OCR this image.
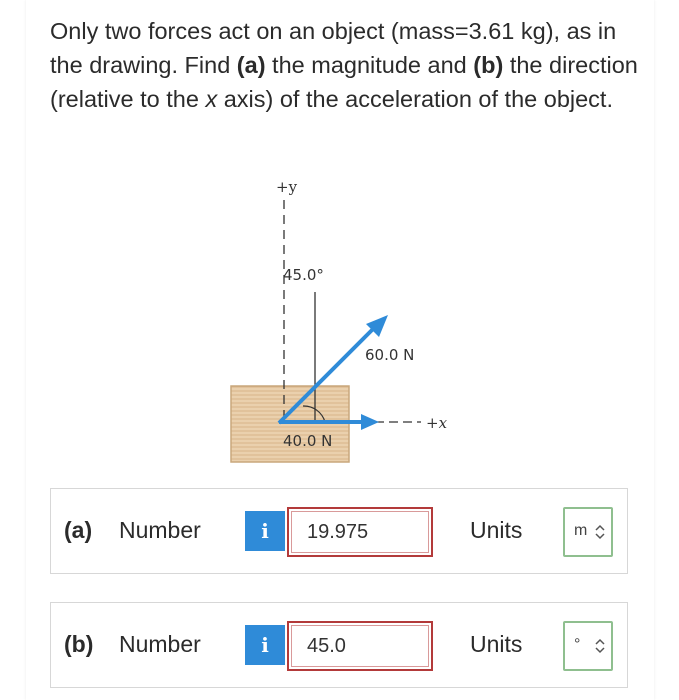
Only two forces act on an object (mass=3.61 kg), as in the drawing. Find (a) the magnitude and (b) the direction (relative to the x axis) of the acceleration of the object.

+y
45.0°
+x
60.0 N
40.0 N
(a) Number	i	19.975	Units	m
(b) Number	i	45.0	Units	°
